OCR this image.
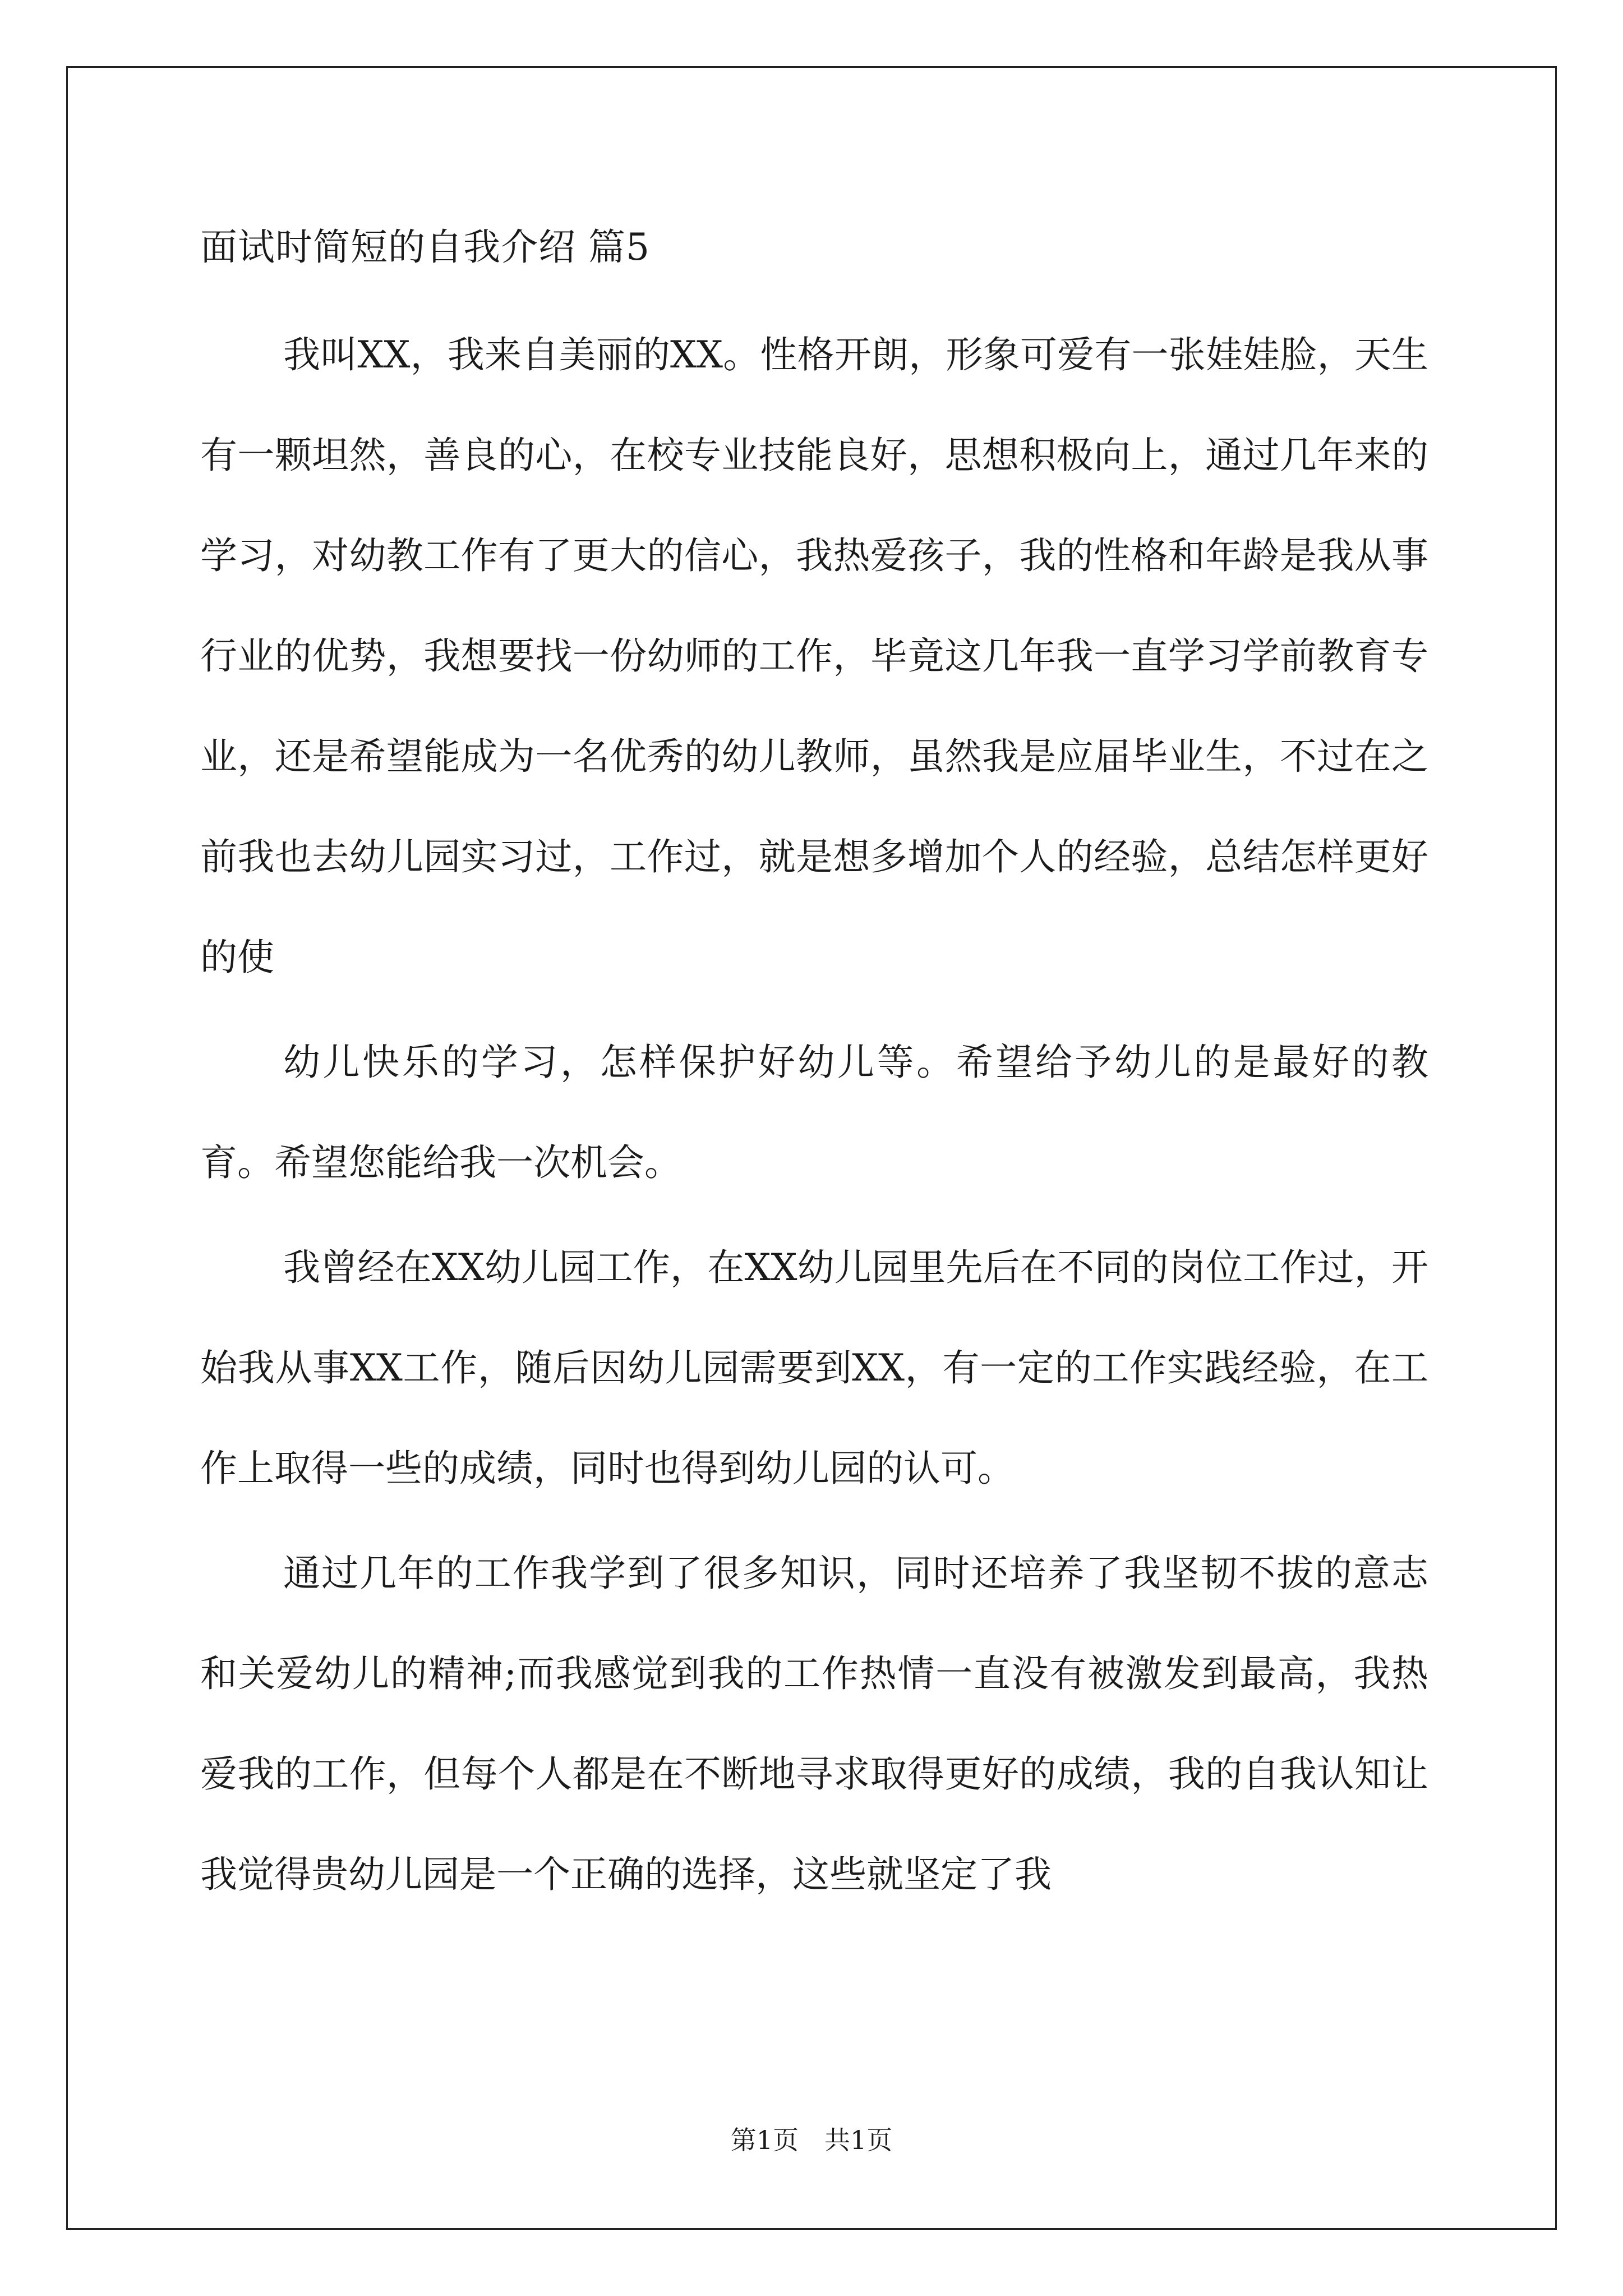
面试时简短的自我介绍 篇5

我叫XX，我来自美丽的XX。性格开朗，形象可爱有一张娃娃脸，天生有一颗坦然，善良的心，在校专业技能良好，思想积极向上，通过几年来的学习，对幼教工作有了更大的信心，我热爱孩子，我的性格和年龄是我从事行业的优势，我想要找一份幼师的工作，毕竟这几年我一直学习学前教育专业，还是希望能成为一名优秀的幼儿教师，虽然我是应届毕业生，不过在之前我也去幼儿园实习过，工作过，就是想多增加个人的经验，总结怎样更好的使

幼儿快乐的学习，怎样保护好幼儿等。希望给予幼儿的是最好的教育。希望您能给我一次机会。

我曾经在XX幼儿园工作，在XX幼儿园里先后在不同的岗位工作过，开始我从事XX工作，随后因幼儿园需要到XX，有一定的工作实践经验，在工作上取得一些的成绩，同时也得到幼儿园的认可。

通过几年的工作我学到了很多知识，同时还培养了我坚韧不拔的意志和关爱幼儿的精神;而我感觉到我的工作热情一直没有被激发到最高，我热爱我的工作，但每个人都是在不断地寻求取得更好的成绩，我的自我认知让我觉得贵幼儿园是一个正确的选择，这些就坚定了我

第1页　共1页
